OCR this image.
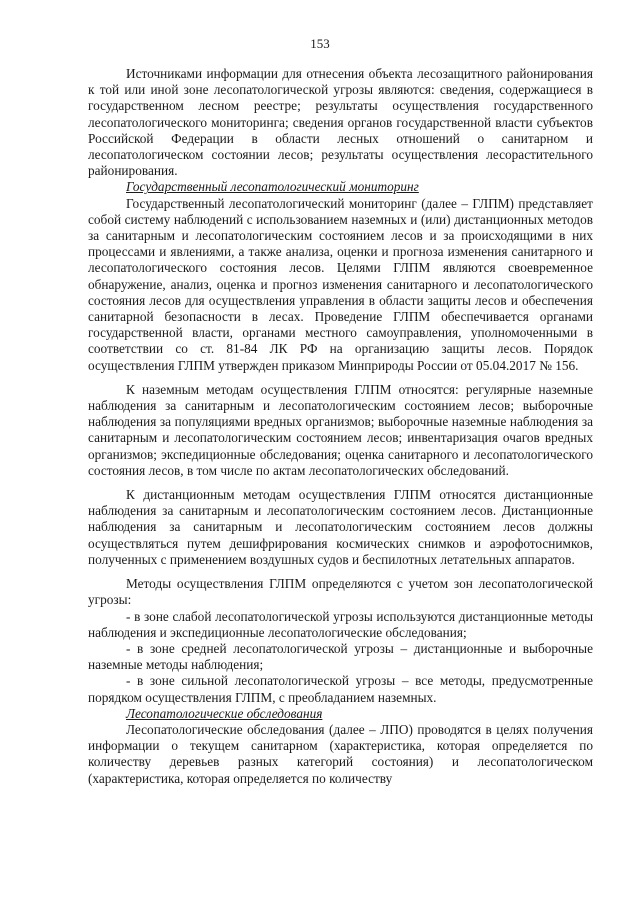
153

Источниками информации для отнесения объекта лесозащитного районирования к той или иной зоне лесопатологической угрозы являются: сведения, содержащиеся в государственном лесном реестре; результаты осуществления государственного лесопатологического мониторинга; сведения органов государственной власти субъектов Российской Федерации в области лесных отношений о санитарном и лесопатологическом состоянии лесов; результаты осуществления лесорастительного районирования.

Государственный лесопатологический мониторинг

Государственный лесопатологический мониторинг (далее – ГЛПМ) представляет собой систему наблюдений с использованием наземных и (или) дистанционных методов за санитарным и лесопатологическим состоянием лесов и за происходящими в них процессами и явлениями, а также анализа, оценки и прогноза изменения санитарного и лесопатологического состояния лесов. Целями ГЛПМ являются своевременное обнаружение, анализ, оценка и прогноз изменения санитарного и лесопатологического состояния лесов для осуществления управления в области защиты лесов и обеспечения санитарной безопасности в лесах. Проведение ГЛПМ обеспечивается органами государственной власти, органами местного самоуправления, уполномоченными в соответствии со ст. 81-84 ЛК РФ на организацию защиты лесов. Порядок осуществления ГЛПМ утвержден приказом Минприроды России от 05.04.2017 № 156.

К наземным методам осуществления ГЛПМ относятся: регулярные наземные наблюдения за санитарным и лесопатологическим состоянием лесов; выборочные наблюдения за популяциями вредных организмов; выборочные наземные наблюдения за санитарным и лесопатологическим состоянием лесов; инвентаризация очагов вредных организмов; экспедиционные обследования; оценка санитарного и лесопатологического состояния лесов, в том числе по актам лесопатологических обследований.

К дистанционным методам осуществления ГЛПМ относятся дистанционные наблюдения за санитарным и лесопатологическим состоянием лесов. Дистанционные наблюдения за санитарным и лесопатологическим состоянием лесов должны осуществляться путем дешифрирования космических снимков и аэрофотоснимков, полученных с применением воздушных судов и беспилотных летательных аппаратов.

Методы осуществления ГЛПМ определяются с учетом зон лесопатологической угрозы:

- в зоне слабой лесопатологической угрозы используются дистанционные методы наблюдения и экспедиционные лесопатологические обследования;

- в зоне средней лесопатологической угрозы – дистанционные и выборочные наземные методы наблюдения;

- в зоне сильной лесопатологической угрозы – все методы, предусмотренные порядком осуществления ГЛПМ, с преобладанием наземных.

Лесопатологические обследования

Лесопатологические обследования (далее – ЛПО) проводятся в целях получения информации о текущем санитарном (характеристика, которая определяется по количеству деревьев разных категорий состояния) и лесопатологическом (характеристика, которая определяется по количеству
